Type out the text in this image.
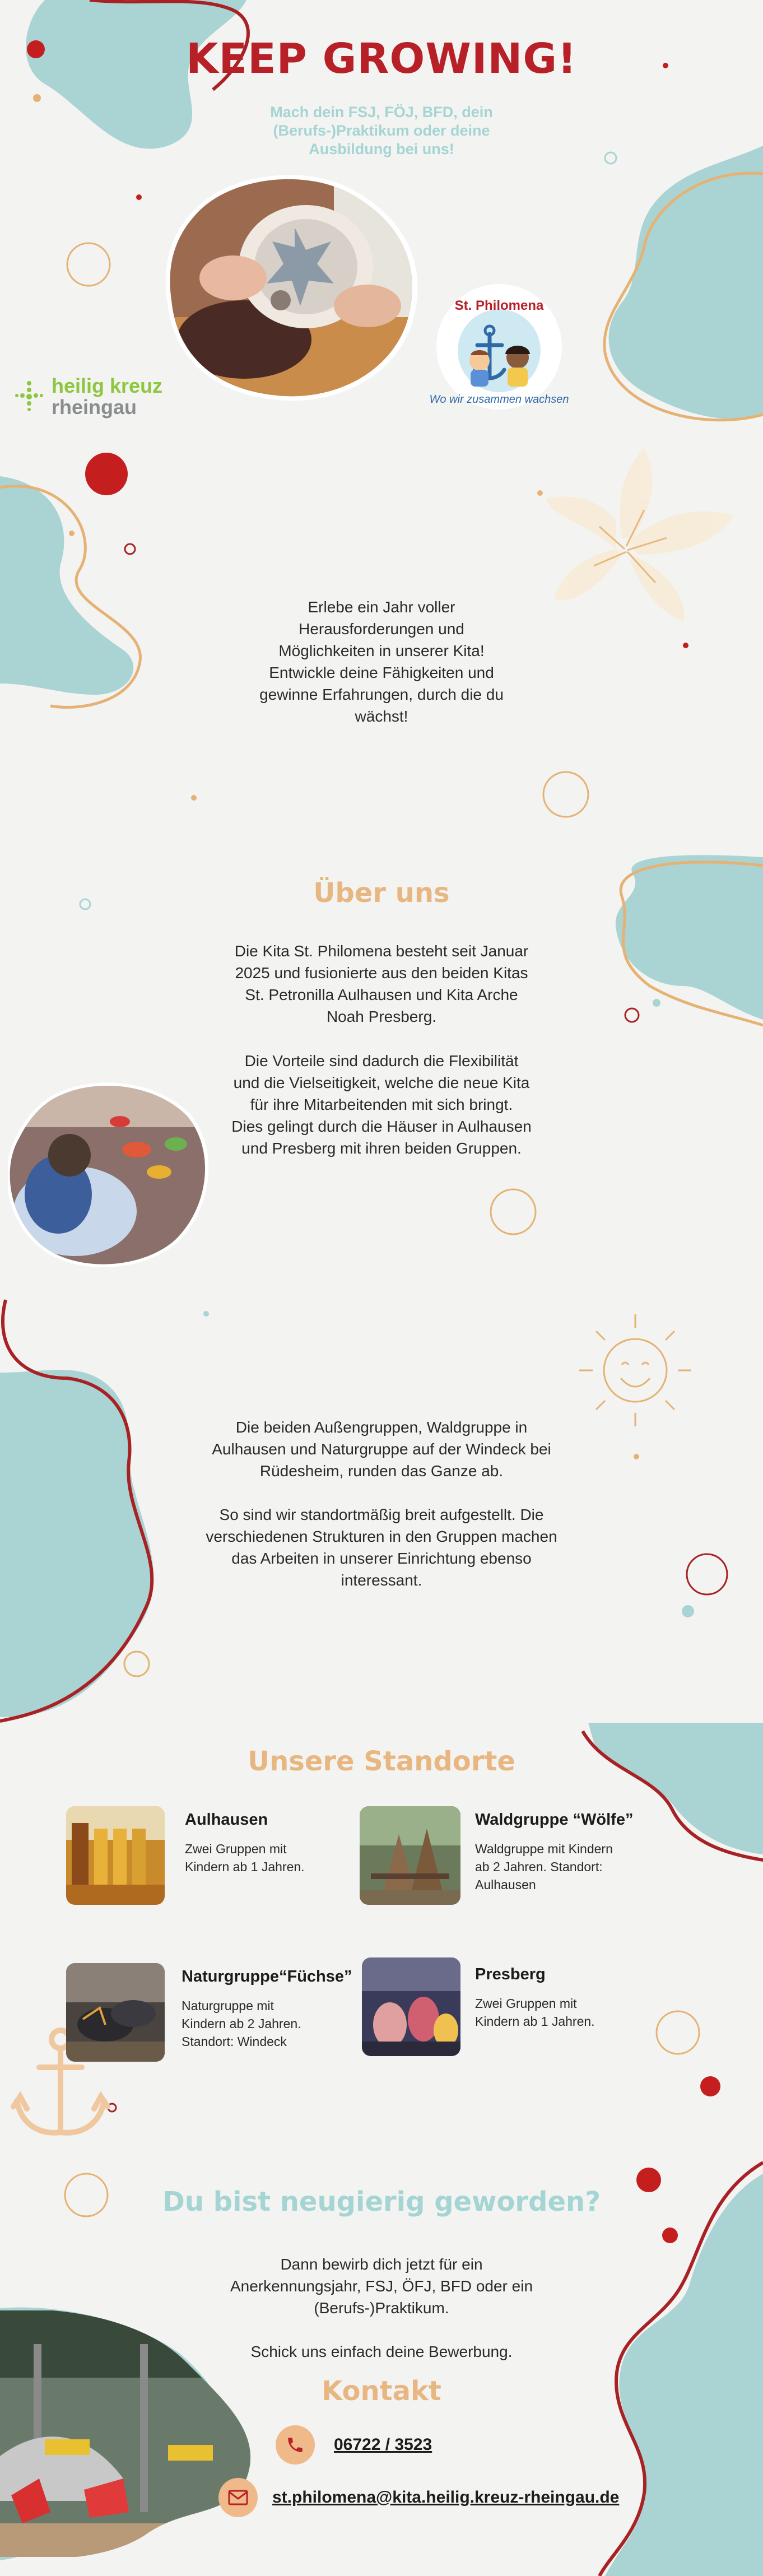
KEEP GROWING!
Mach dein FSJ, FÖJ, BFD, dein (Berufs-)Praktikum oder deine Ausbildung bei uns!
heilig kreuz
rheingau
St. Philomena
Wo wir zusammen wachsen
Erlebe ein Jahr voller
Herausforderungen und
Möglichkeiten in unserer Kita!
Entwickle deine Fähigkeiten und
gewinne Erfahrungen, durch die du
wächst!
Über uns
Die Kita St. Philomena besteht seit Januar
2025 und fusionierte aus den beiden Kitas
St. Petronilla Aulhausen und Kita Arche
Noah Presberg.
Die Vorteile sind dadurch die Flexibilität
und die Vielseitigkeit, welche die neue Kita
für ihre Mitarbeitenden mit sich bringt.
Dies gelingt durch die Häuser in Aulhausen
und Presberg mit ihren beiden Gruppen.
Die beiden Außengruppen, Waldgruppe in
Aulhausen und Naturgruppe auf der Windeck bei
Rüdesheim, runden das Ganze ab.
So sind wir standortmäßig breit aufgestellt. Die
verschiedenen Strukturen in den Gruppen machen
das Arbeiten in unserer Einrichtung ebenso
interessant.
Unsere Standorte
Aulhausen
Zwei Gruppen mit
Kindern ab 1 Jahren.
Waldgruppe “Wölfe”
Waldgruppe mit Kindern
ab 2 Jahren. Standort:
Aulhausen
Naturgruppe“Füchse”
Naturgruppe mit
Kindern ab 2 Jahren.
Standort: Windeck
Presberg
Zwei Gruppen mit
Kindern ab 1 Jahren.
Du bist neugierig geworden?
Dann bewirb dich jetzt für ein
Anerkennungsjahr, FSJ, ÖFJ, BFD oder ein
(Berufs-)Praktikum.
Schick uns einfach deine Bewerbung.
Kontakt
06722 / 3523
st.philomena@kita.heilig.kreuz-rheingau.de
